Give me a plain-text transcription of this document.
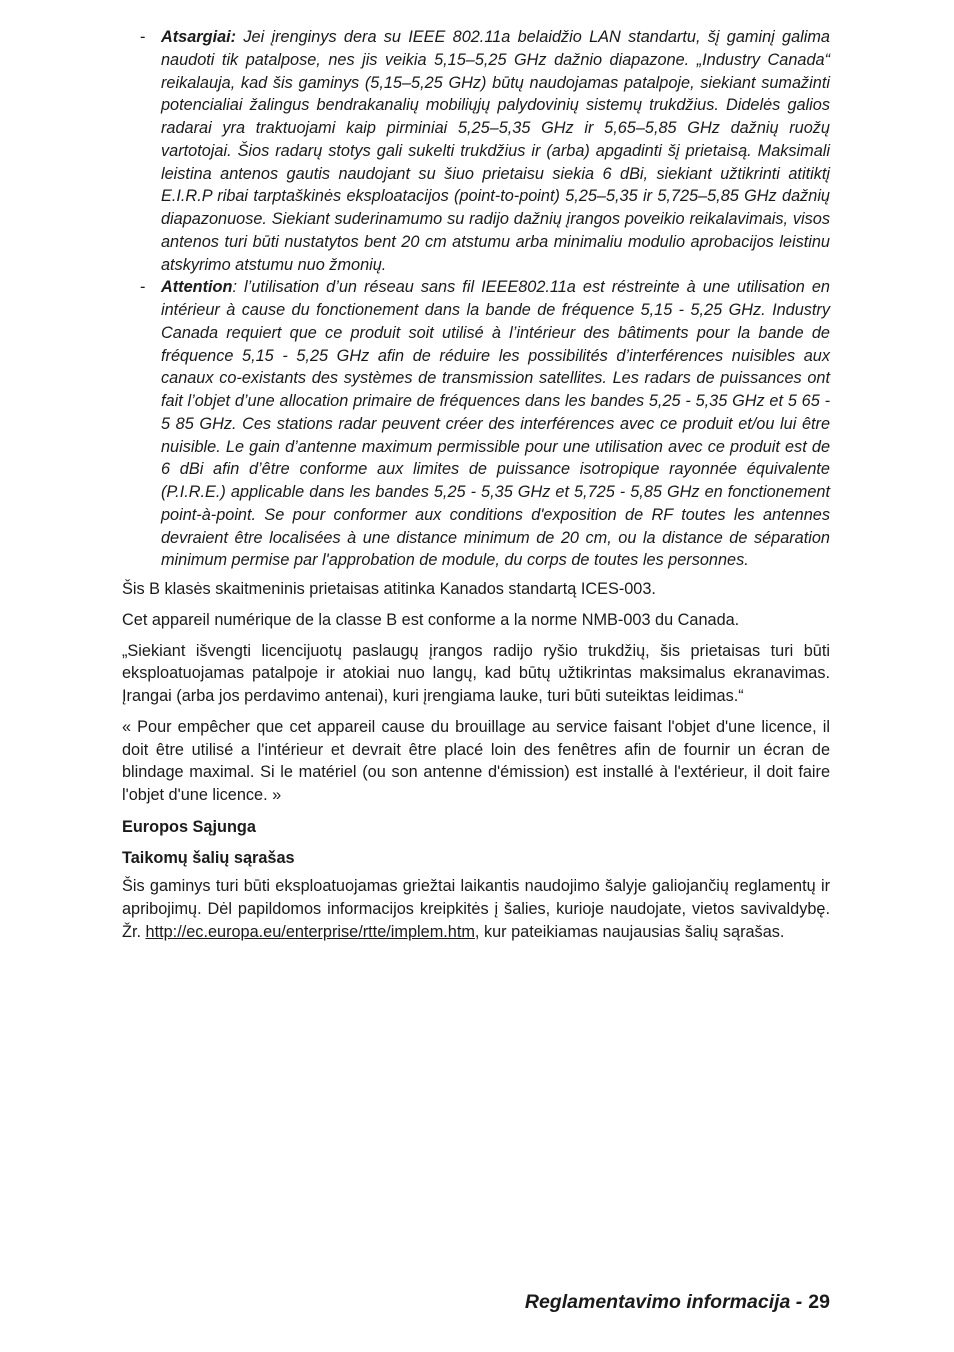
- Atsargiai: Jei įrenginys dera su IEEE 802.11a belaidžio LAN standartu, šį gaminį galima naudoti tik patalpose, nes jis veikia 5,15–5,25 GHz dažnio diapazone. „Industry Canada“ reikalauja, kad šis gaminys (5,15–5,25 GHz) būtų naudojamas patalpoje, siekiant sumažinti potencialiai žalingus bendrakanalių mobiliųjų palydovinių sistemų trukdžius. Didelės galios radarai yra traktuojami kaip pirminiai 5,25–5,35 GHz ir 5,65–5,85 GHz dažnių ruožų vartotojai. Šios radarų stotys gali sukelti trukdžius ir (arba) apgadinti šį prietaisą. Maksimali leistina antenos gautis naudojant su šiuo prietaisu siekia 6 dBi, siekiant užtikrinti atitiktį E.I.R.P ribai tarptaškinės eksploatacijos (point-to-point) 5,25–5,35 ir 5,725–5,85 GHz dažnių diapazonuose. Siekiant suderinamumo su radijo dažnių įrangos poveikio reikalavimais, visos antenos turi būti nustatytos bent 20 cm atstumu arba minimaliu modulio aprobacijos leistinu atskyrimo atstumu nuo žmonių.
- Attention: l’utilisation d’un réseau sans fil IEEE802.11a est réstreinte à une utilisation en intérieur à cause du fonctionement dans la bande de fréquence 5,15 - 5,25 GHz. Industry Canada requiert que ce produit soit utilisé à l’intérieur des bâtiments pour la bande de fréquence 5,15 - 5,25 GHz afin de réduire les possibilités d’interférences nuisibles aux canaux co-existants des systèmes de transmission satellites. Les radars de puissances ont fait l’objet d’une allocation primaire de fréquences dans les bandes 5,25 - 5,35 GHz et 5 65 - 5 85 GHz. Ces stations radar peuvent créer des interférences avec ce produit et/ou lui être nuisible. Le gain d’antenne maximum permissible pour une utilisation avec ce produit est de 6 dBi afin d’être conforme aux limites de puissance isotropique rayonnée équivalente (P.I.R.E.) applicable dans les bandes 5,25 - 5,35 GHz et 5,725 - 5,85 GHz en fonctionement point-à-point. Se pour conformer aux conditions d'exposition de RF toutes les antennes devraient être localisées à une distance minimum de 20 cm, ou la distance de séparation minimum permise par l'approbation de module, du corps de toutes les personnes.

Šis B klasės skaitmeninis prietaisas atitinka Kanados standartą ICES-003.

Cet appareil numérique de la classe B est conforme a la norme NMB-003 du Canada.

„Siekiant išvengti licencijuotų paslaugų įrangos radijo ryšio trukdžių, šis prietaisas turi būti eksploatuojamas patalpoje ir atokiai nuo langų, kad būtų užtikrintas maksimalus ekranavimas. Įrangai (arba jos perdavimo antenai), kuri įrengiama lauke, turi būti suteiktas leidimas.“

« Pour empêcher que cet appareil cause du brouillage au service faisant l'objet d'une licence, il doit être utilisé a l'intérieur et devrait être placé loin des fenêtres afin de fournir un écran de blindage maximal. Si le matériel (ou son antenne d'émission) est installé à l'extérieur, il doit faire l'objet d'une licence. »

Europos Sąjunga

Taikomų šalių sąrašas

Šis gaminys turi būti eksploatuojamas griežtai laikantis naudojimo šalyje galiojančių reglamentų ir apribojimų. Dėl papildomos informacijos kreipkitės į šalies, kurioje naudojate, vietos savivaldybę. Žr. http://ec.europa.eu/enterprise/rtte/implem.htm, kur pateikiamas naujausias šalių sąrašas.

Reglamentavimo informacija - 29
